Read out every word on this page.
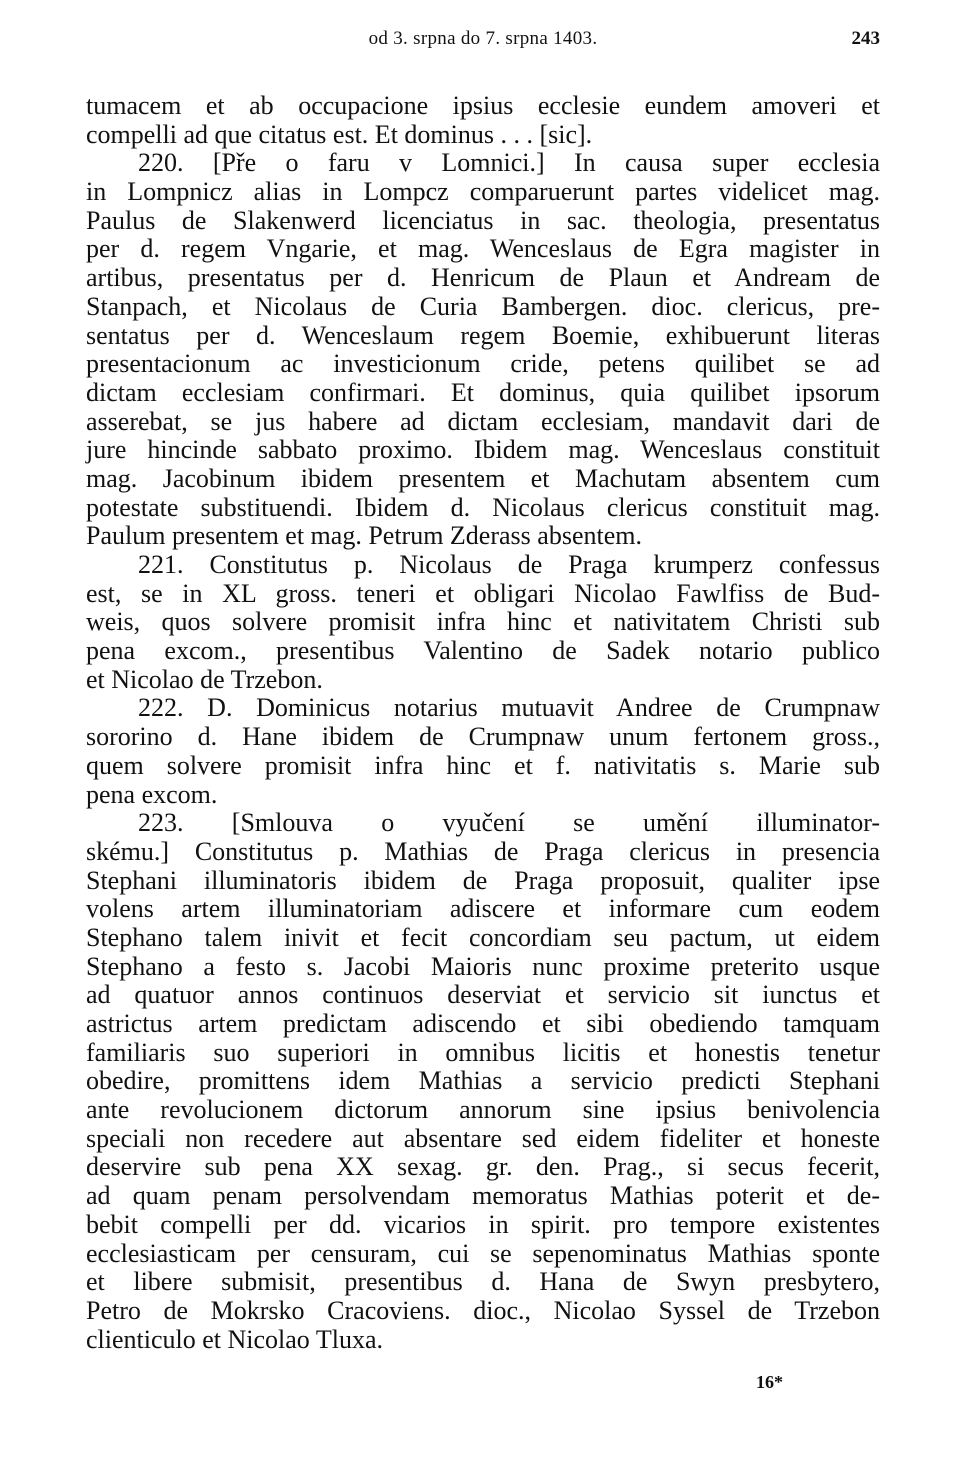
od 3. srpna do 7. srpna 1403.	243
tumacem et ab occupacione ipsius ecclesie eundem amoveri et
compelli ad que citatus est. Et dominus . . . [sic].
220. [Pře o faru v Lomnici.] In causa super ecclesia
in Lompnicz alias in Lompcz comparuerunt partes videlicet mag.
Paulus de Slakenwerd licenciatus in sac. theologia, presentatus
per d. regem Vngarie, et mag. Wenceslaus de Egra magister in
artibus, presentatus per d. Henricum de Plaun et Andream de
Stanpach, et Nicolaus de Curia Bambergen. dioc. clericus, pre-
sentatus per d. Wenceslaum regem Boemie, exhibuerunt literas
presentacionum ac investicionum cride, petens quilibet se ad
dictam ecclesiam confirmari. Et dominus, quia quilibet ipsorum
asserebat, se jus habere ad dictam ecclesiam, mandavit dari de
jure hincinde sabbato proximo. Ibidem mag. Wenceslaus constituit
mag. Jacobinum ibidem presentem et Machutam absentem cum
potestate substituendi. Ibidem d. Nicolaus clericus constituit mag.
Paulum presentem et mag. Petrum Zderass absentem.
221. Constitutus p. Nicolaus de Praga krumperz confessus
est, se in XL gross. teneri et obligari Nicolao Fawlfiss de Bud-
weis, quos solvere promisit infra hinc et nativitatem Christi sub
pena excom., presentibus Valentino de Sadek notario publico
et Nicolao de Trzebon.
222. D. Dominicus notarius mutuavit Andree de Crumpnaw
sororino d. Hane ibidem de Crumpnaw unum fertonem gross.,
quem solvere promisit infra hinc et f. nativitatis s. Marie sub
pena excom.
223. [Smlouva o vyučení se umění illuminator-
skému.] Constitutus p. Mathias de Praga clericus in presencia
Stephani illuminatoris ibidem de Praga proposuit, qualiter ipse
volens artem illuminatoriam adiscere et informare cum eodem
Stephano talem inivit et fecit concordiam seu pactum, ut eidem
Stephano a festo s. Jacobi Maioris nunc proxime preterito usque
ad quatuor annos continuos deserviat et servicio sit iunctus et
astrictus artem predictam adiscendo et sibi obediendo tamquam
familiaris suo superiori in omnibus licitis et honestis tenetur
obedire, promittens idem Mathias a servicio predicti Stephani
ante revolucionem dictorum annorum sine ipsius benivolencia
speciali non recedere aut absentare sed eidem fideliter et honeste
deservire sub pena XX sexag. gr. den. Prag., si secus fecerit,
ad quam penam persolvendam memoratus Mathias poterit et de-
bebit compelli per dd. vicarios in spirit. pro tempore existentes
ecclesiasticam per censuram, cui se sepenominatus Mathias sponte
et libere submisit, presentibus d. Hana de Swyn presbytero,
Petro de Mokrsko Cracoviens. dioc., Nicolao Syssel de Trzebon
clienticulo et Nicolao Tluxa.
16*
